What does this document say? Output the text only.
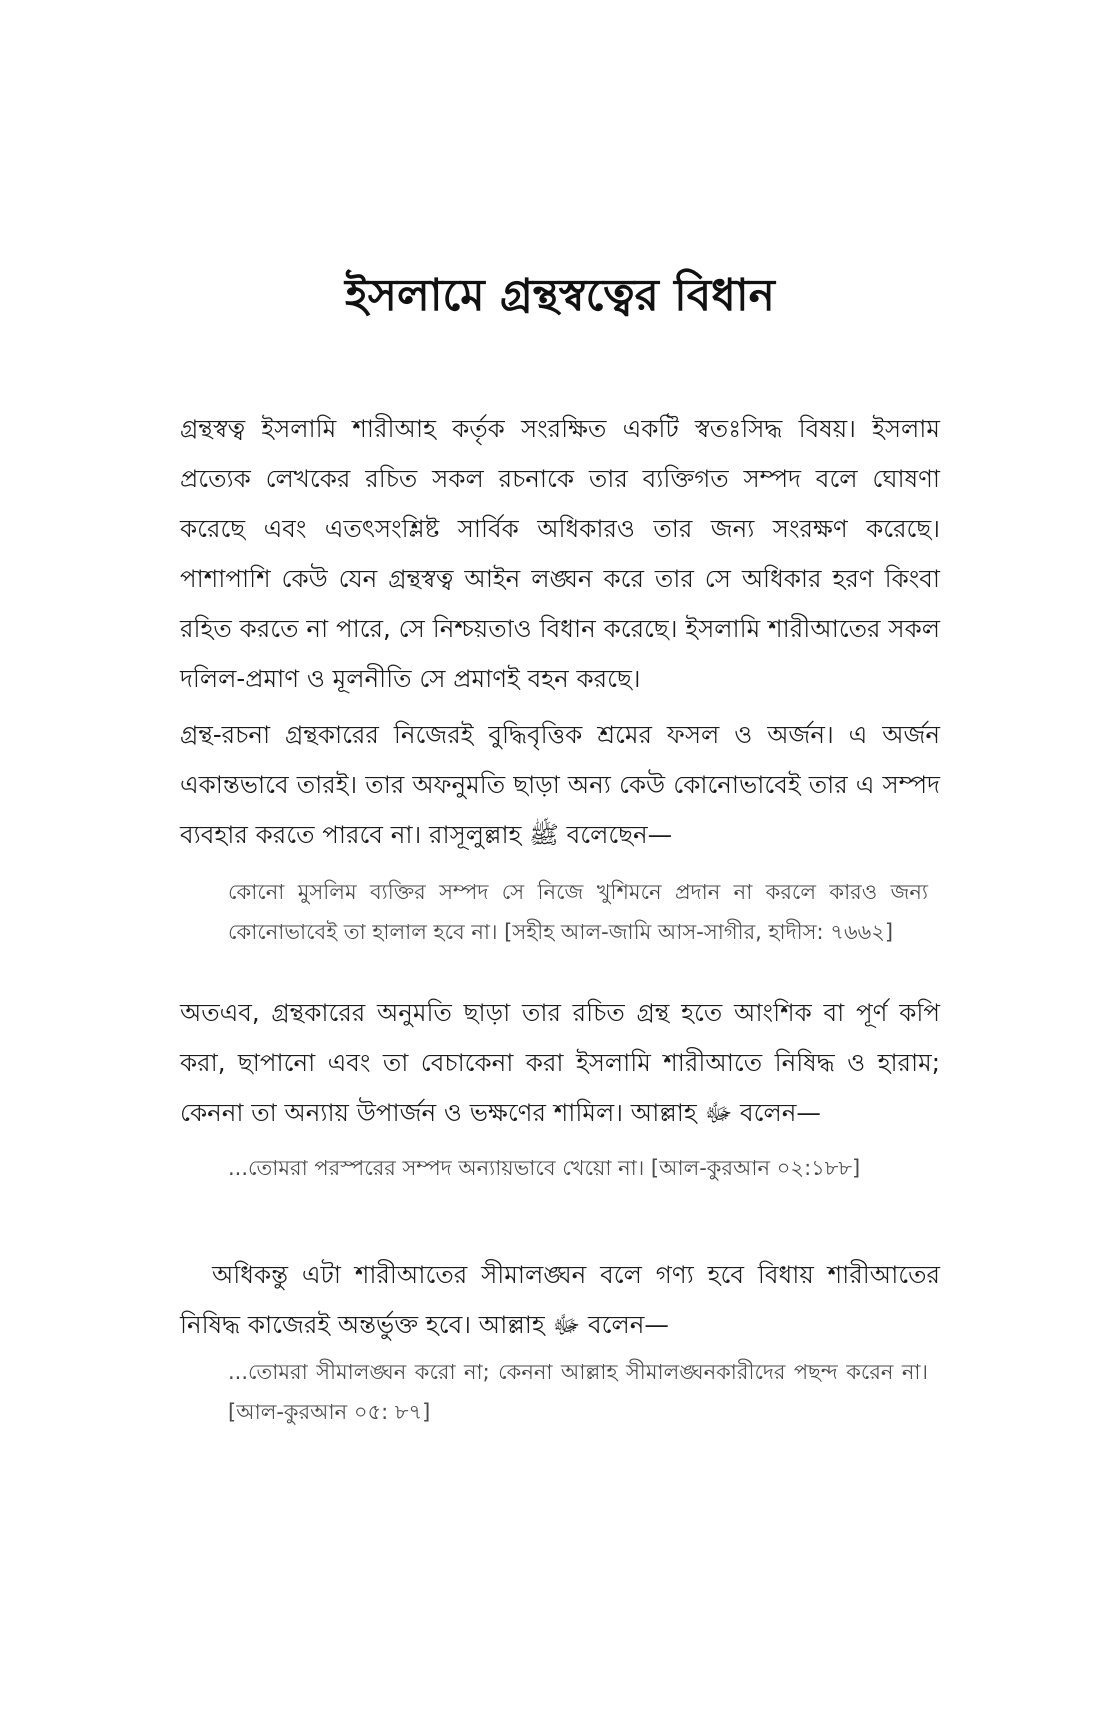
ইসলামে গ্রন্থস্বত্বের বিধান

গ্রন্থস্বত্ব ইসলামি শারীআহ কর্তৃক সংরক্ষিত একটি স্বতঃসিদ্ধ বিষয়। ইসলাম প্রত্যেক লেখকের রচিত সকল রচনাকে তার ব্যক্তিগত সম্পদ বলে ঘোষণা করেছে এবং এতৎসংশ্লিষ্ট সার্বিক অধিকারও তার জন্য সংরক্ষণ করেছে। পাশাপাশি কেউ যেন গ্রন্থস্বত্ব আইন লঙ্ঘন করে তার সে অধিকার হরণ কিংবা রহিত করতে না পারে, সে নিশ্চয়তাও বিধান করেছে। ইসলামি শারীআতের সকল দলিল-প্রমাণ ও মূলনীতি সে প্রমাণই বহন করছে।

গ্রন্থ-রচনা গ্রন্থকারের নিজেরই বুদ্ধিবৃত্তিক শ্রমের ফসল ও অর্জন। এ অর্জন একান্তভাবে তারই। তার অফনুমতি ছাড়া অন্য কেউ কোনোভাবেই তার এ সম্পদ ব্যবহার করতে পারবে না। রাসূলুল্লাহ ﷺ বলেছেন—

কোনো মুসলিম ব্যক্তির সম্পদ সে নিজে খুশিমনে প্রদান না করলে কারও জন্য কোনোভাবেই তা হালাল হবে না। [সহীহ আল-জামি আস-সাগীর, হাদীস: ৭৬৬২]

অতএব, গ্রন্থকারের অনুমতি ছাড়া তার রচিত গ্রন্থ হতে আংশিক বা পূর্ণ কপি করা, ছাপানো এবং তা বেচাকেনা করা ইসলামি শারীআতে নিষিদ্ধ ও হারাম; কেননা তা অন্যায় উপার্জন ও ভক্ষণের শামিল। আল্লাহ ﷻ বলেন—

...তোমরা পরস্পরের সম্পদ অন্যায়ভাবে খেয়ো না। [আল-কুরআন ০২:১৮৮]

অধিকন্তু এটা শারীআতের সীমালঙ্ঘন বলে গণ্য হবে বিধায় শারীআতের নিষিদ্ধ কাজেরই অন্তর্ভুক্ত হবে। আল্লাহ ﷻ বলেন—

...তোমরা সীমালঙ্ঘন করো না; কেননা আল্লাহ সীমালঙ্ঘনকারীদের পছন্দ করেন না। [আল-কুরআন ০৫: ৮৭]
